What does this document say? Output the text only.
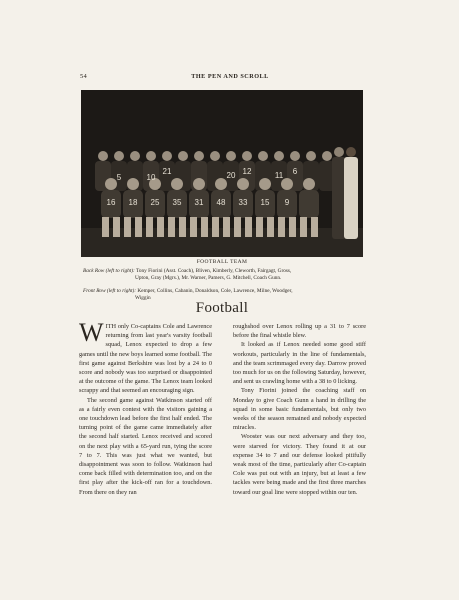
54	THE PEN AND SCROLL
5	10
21	20 12	11 6
16 18 25 35 31 48 33 15 9
FOOTBALL TEAM
Back Row (left to right): Tony Fiorini (Asst. Coach), Bliven, Kimberly, Cleworth, Fairgagt, Gross,
Upton, Gray (Mgrs.), Mr. Warner, Pamers, G. Mitchell, Coach Gunn.
Front Row (left to right): Kemper, Collins, Cabanin, Donaldson, Cole, Lawrence, Milne, Woodger,
Wiggin
Football

WITH only Co-captains Cole and Lawrence returning from last year's varsity football squad, Lenox expected to drop a few games until the new boys learned some football. The first game against Berkshire was lost by a 24 to 0 score and nobody was too surprised or disappointed at the outcome of the game. The Lenox team looked scrappy and that seemed an encouraging sign.

The second game against Watkinson started off as a fairly even contest with the visitors gaining a one touchdown lead before the first half ended. The turning point of the game came immediately after the second half started. Lenox received and scored on the next play with a 65-yard run, tying the score 7 to 7. This was just what we wanted, but disappointment was soon to follow. Watkinson had come back filled with determination too, and on the first play after the kick-off ran for a touchdown. From there on they ran

roughshod over Lenox rolling up a 31 to 7 score before the final whistle blew.

It looked as if Lenox needed some good stiff workouts, particularly in the line of fundamentals, and the team scrimmaged every day. Darrow proved too much for us on the following Saturday, however, and sent us crawling home with a 38 to 0 licking.

Tony Fiorini joined the coaching staff on Monday to give Coach Gunn a hand in drilling the squad in some basic fundamentals, but only two weeks of the season remained and nobody expected miracles.

Wooster was our next adversary and they too, were starved for victory. They found it at our expense 34 to 7 and our defense looked pitifully weak most of the time, particularly after Co-captain Cole was put out with an injury, but at least a few tackles were being made and the first three marches toward our goal line were stopped within our ten.
